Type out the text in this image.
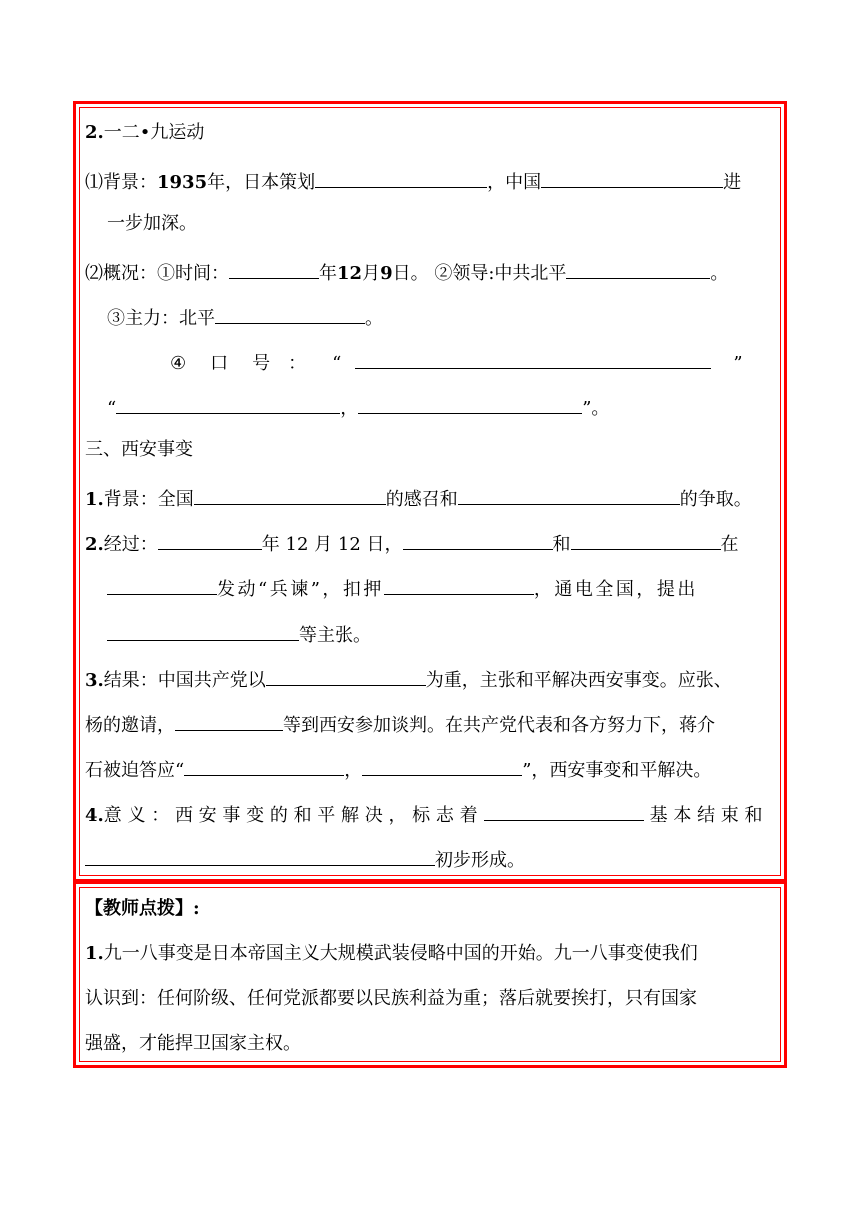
2.一二•九运动
⑴背景：1935年，日本策划	，中国	进
一步加深。
⑵概况：①时间：	年12月9日。 ②领导:中共北平	。
③主力：北平	。
④ 口 号 ： “	”
“	，	”。
三、西安事变
1.背景：全国	的感召和	的争取。
2.经过：	年 12 月 12 日，	和	在
发动“兵谏”，扣押	，通电全国，提出
等主张。
3.结果：中国共产党以	为重，主张和平解决西安事变。应张、
杨的邀请，	等到西安参加谈判。在共产党代表和各方努力下，蒋介
石被迫答应“	，	”，西安事变和平解决。
4.意 义 ： 西 安 事 变 的 和 平 解 决 ， 标 志 着	基 本 结 束 和
初步形成。
【教师点拨】:
1.九一八事变是日本帝国主义大规模武装侵略中国的开始。九一八事变使我们
认识到：任何阶级、任何党派都要以民族利益为重；落后就要挨打，只有国家
强盛，才能捍卫国家主权。
